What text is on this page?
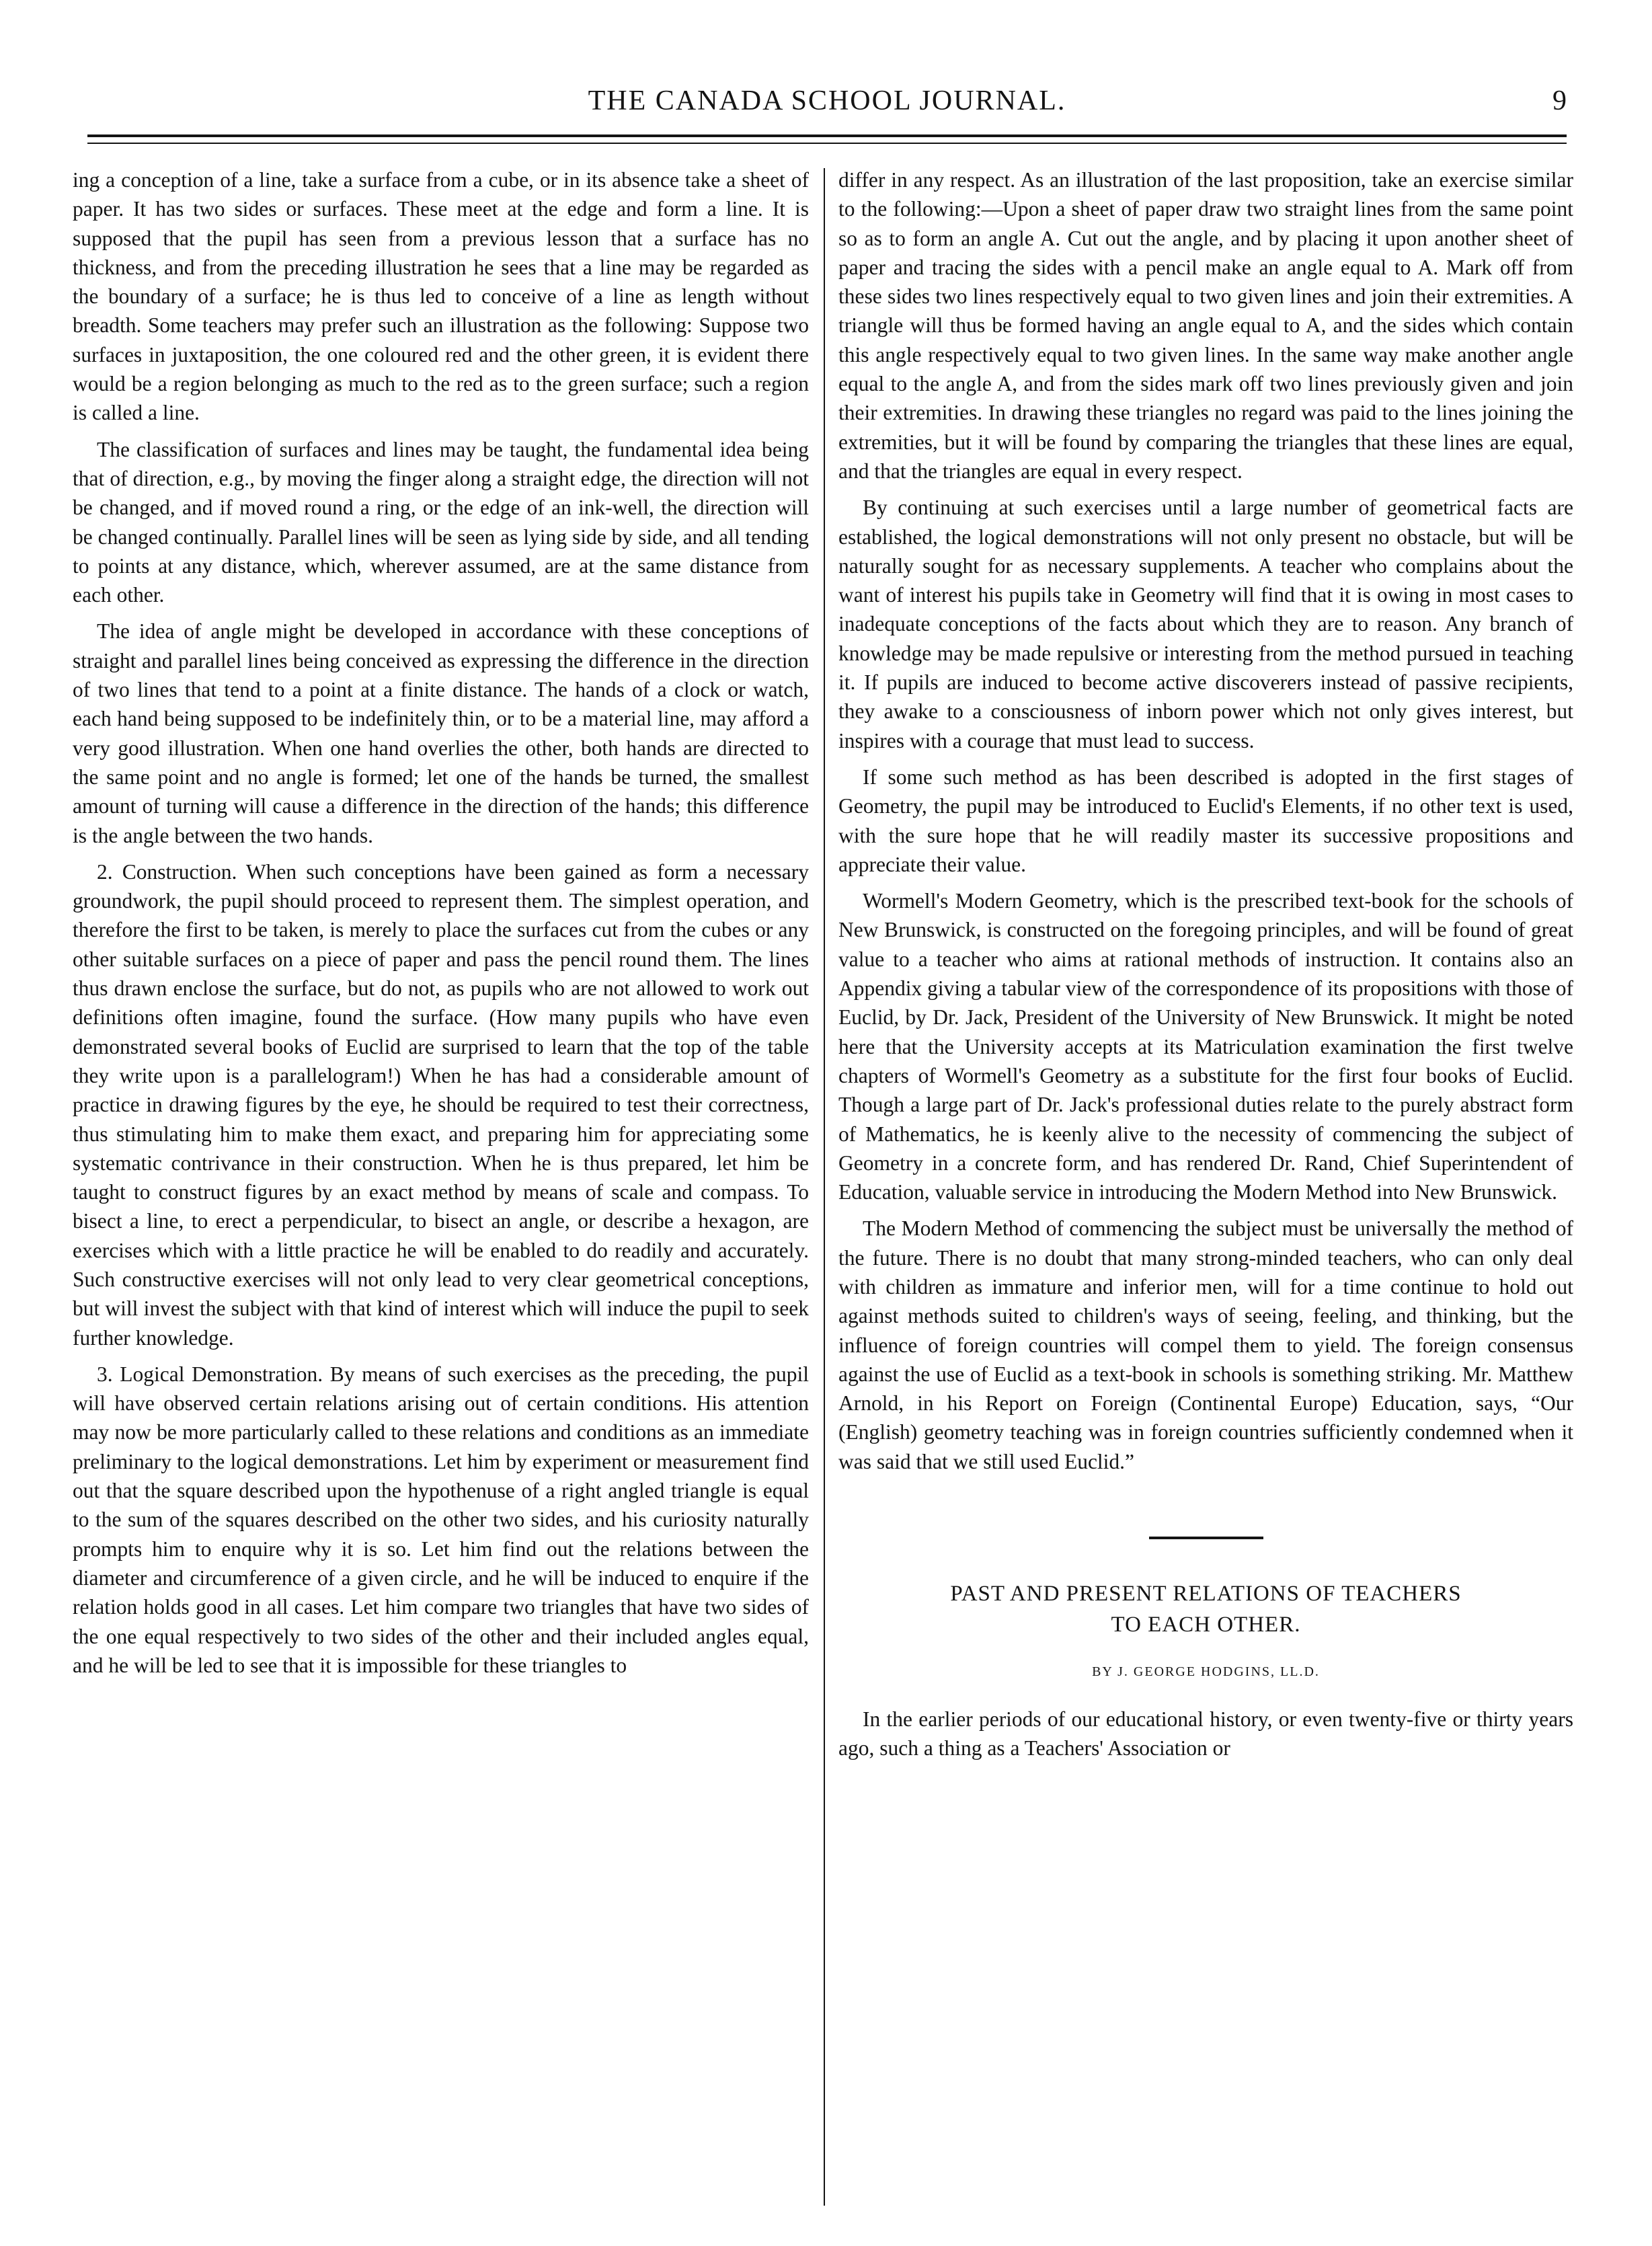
THE CANADA SCHOOL JOURNAL.	9

ing a conception of a line, take a surface from a cube, or in its absence take a sheet of paper. It has two sides or surfaces. These meet at the edge and form a line. It is supposed that the pupil has seen from a previous lesson that a surface has no thickness, and from the preceding illustration he sees that a line may be regarded as the boundary of a surface; he is thus led to conceive of a line as length without breadth. Some teachers may prefer such an illustration as the following: Suppose two surfaces in juxtaposition, the one coloured red and the other green, it is evident there would be a region belonging as much to the red as to the green surface; such a region is called a line.

The classification of surfaces and lines may be taught, the fundamental idea being that of direction, e.g., by moving the finger along a straight edge, the direction will not be changed, and if moved round a ring, or the edge of an ink-well, the direction will be changed continually. Parallel lines will be seen as lying side by side, and all tending to points at any distance, which, wherever assumed, are at the same distance from each other.

The idea of angle might be developed in accordance with these conceptions of straight and parallel lines being conceived as expressing the difference in the direction of two lines that tend to a point at a finite distance. The hands of a clock or watch, each hand being supposed to be indefinitely thin, or to be a material line, may afford a very good illustration. When one hand overlies the other, both hands are directed to the same point and no angle is formed; let one of the hands be turned, the smallest amount of turning will cause a difference in the direction of the hands; this difference is the angle between the two hands.

2. Construction. When such conceptions have been gained as form a necessary groundwork, the pupil should proceed to represent them. The simplest operation, and therefore the first to be taken, is merely to place the surfaces cut from the cubes or any other suitable surfaces on a piece of paper and pass the pencil round them. The lines thus drawn enclose the surface, but do not, as pupils who are not allowed to work out definitions often imagine, found the surface. (How many pupils who have even demonstrated several books of Euclid are surprised to learn that the top of the table they write upon is a parallelogram!) When he has had a considerable amount of practice in drawing figures by the eye, he should be required to test their correctness, thus stimulating him to make them exact, and preparing him for appreciating some systematic contrivance in their construction. When he is thus prepared, let him be taught to construct figures by an exact method by means of scale and compass. To bisect a line, to erect a perpendicular, to bisect an angle, or describe a hexagon, are exercises which with a little practice he will be enabled to do readily and accurately. Such constructive exercises will not only lead to very clear geometrical conceptions, but will invest the subject with that kind of interest which will induce the pupil to seek further knowledge.

3. Logical Demonstration. By means of such exercises as the preceding, the pupil will have observed certain relations arising out of certain conditions. His attention may now be more particularly called to these relations and conditions as an immediate preliminary to the logical demonstrations. Let him by experiment or measurement find out that the square described upon the hypothenuse of a right angled triangle is equal to the sum of the squares described on the other two sides, and his curiosity naturally prompts him to enquire why it is so. Let him find out the relations between the diameter and circumference of a given circle, and he will be induced to enquire if the relation holds good in all cases. Let him compare two triangles that have two sides of the one equal respectively to two sides of the other and their included angles equal, and he will be led to see that it is impossible for these triangles to

differ in any respect. As an illustration of the last proposition, take an exercise similar to the following:—Upon a sheet of paper draw two straight lines from the same point so as to form an angle A. Cut out the angle, and by placing it upon another sheet of paper and tracing the sides with a pencil make an angle equal to A. Mark off from these sides two lines respectively equal to two given lines and join their extremities. A triangle will thus be formed having an angle equal to A, and the sides which contain this angle respectively equal to two given lines. In the same way make another angle equal to the angle A, and from the sides mark off two lines previously given and join their extremities. In drawing these triangles no regard was paid to the lines joining the extremities, but it will be found by comparing the triangles that these lines are equal, and that the triangles are equal in every respect.

By continuing at such exercises until a large number of geometrical facts are established, the logical demonstrations will not only present no obstacle, but will be naturally sought for as necessary supplements. A teacher who complains about the want of interest his pupils take in Geometry will find that it is owing in most cases to inadequate conceptions of the facts about which they are to reason. Any branch of knowledge may be made repulsive or interesting from the method pursued in teaching it. If pupils are induced to become active discoverers instead of passive recipients, they awake to a consciousness of inborn power which not only gives interest, but inspires with a courage that must lead to success.

If some such method as has been described is adopted in the first stages of Geometry, the pupil may be introduced to Euclid's Elements, if no other text is used, with the sure hope that he will readily master its successive propositions and appreciate their value.

Wormell's Modern Geometry, which is the prescribed text-book for the schools of New Brunswick, is constructed on the foregoing principles, and will be found of great value to a teacher who aims at rational methods of instruction. It contains also an Appendix giving a tabular view of the correspondence of its propositions with those of Euclid, by Dr. Jack, President of the University of New Brunswick. It might be noted here that the University accepts at its Matriculation examination the first twelve chapters of Wormell's Geometry as a substitute for the first four books of Euclid. Though a large part of Dr. Jack's professional duties relate to the purely abstract form of Mathematics, he is keenly alive to the necessity of commencing the subject of Geometry in a concrete form, and has rendered Dr. Rand, Chief Superintendent of Education, valuable service in introducing the Modern Method into New Brunswick.

The Modern Method of commencing the subject must be universally the method of the future. There is no doubt that many strong-minded teachers, who can only deal with children as immature and inferior men, will for a time continue to hold out against methods suited to children's ways of seeing, feeling, and thinking, but the influence of foreign countries will compel them to yield. The foreign consensus against the use of Euclid as a text-book in schools is something striking. Mr. Matthew Arnold, in his Report on Foreign (Continental Europe) Education, says, “Our (English) geometry teaching was in foreign countries sufficiently condemned when it was said that we still used Euclid.”

PAST AND PRESENT RELATIONS OF TEACHERS
TO EACH OTHER.
BY J. GEORGE HODGINS, LL.D.

In the earlier periods of our educational history, or even twenty-five or thirty years ago, such a thing as a Teachers' Association or
